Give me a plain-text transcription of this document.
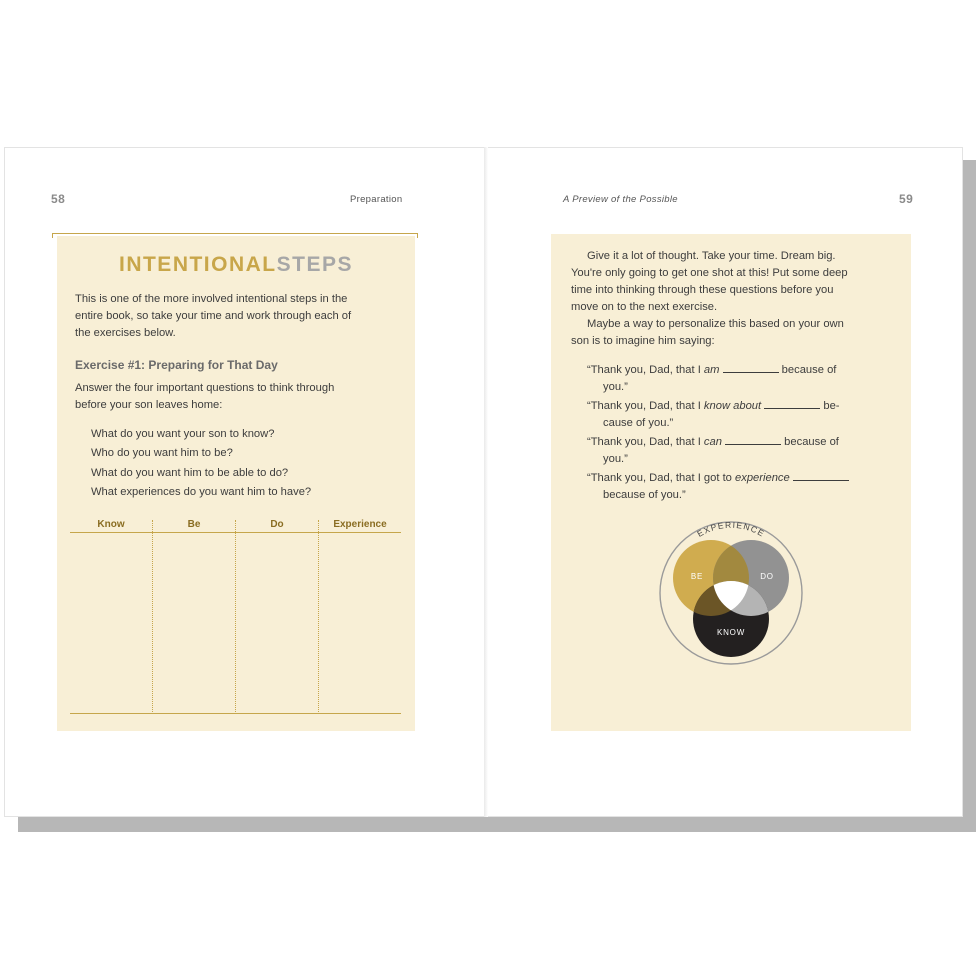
58	Preparation
INTENTIONALSTEPS
This is one of the more involved intentional steps in the
entire book, so take your time and work through each of
the exercises below.
Exercise #1: Preparing for That Day
Answer the four important questions to think through
before your son leaves home:
What do you want your son to know?
Who do you want him to be?
What do you want him to be able to do?
What experiences do you want him to have?
Know	Be	Do	Experience
A Preview of the Possible	59
Give it a lot of thought. Take your time. Dream big.
You're only going to get one shot at this! Put some deep
time into thinking through these questions before you
move on to the next exercise.
Maybe a way to personalize this based on your own
son is to imagine him saying:
“Thank you, Dad, that I am	because of
you.”
“Thank you, Dad, that I know about	be-
cause of you.”
“Thank you, Dad, that I can	because of
you.”
“Thank you, Dad, that I got to experience
because of you.”
EXPERIENCE
BE	DO
KNOW
